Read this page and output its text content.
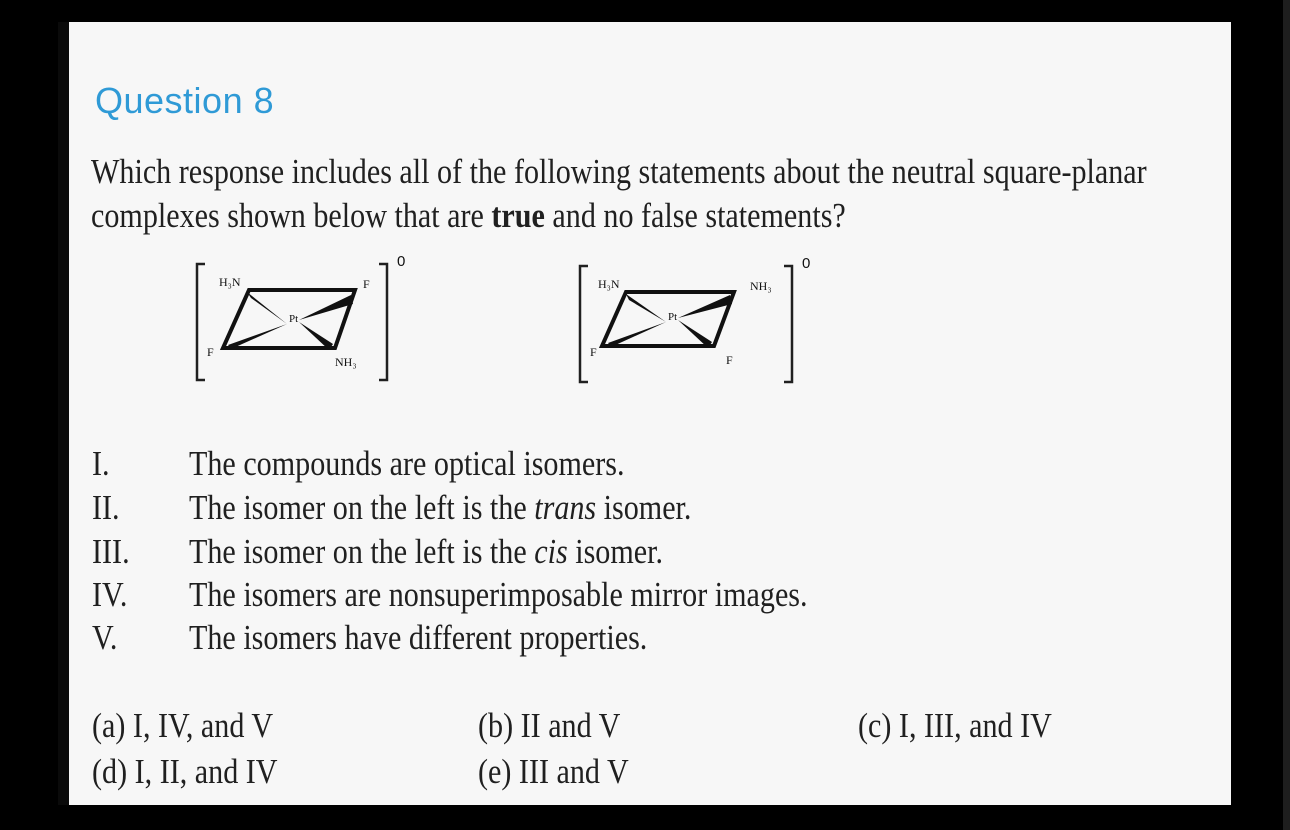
Question 8
Which response includes all of the following statements about the neutral square-planar
complexes shown below that are true and no false statements?
Pt
H₃N	F
F
NH₃
0
Pt
H₃N	NH₃
F
F
0
I. The compounds are optical isomers.
II. The isomer on the left is the trans isomer.
III. The isomer on the left is the cis isomer.
IV. The isomers are nonsuperimposable mirror images.
V. The isomers have different properties.
(a) I, IV, and V	(b) II and V	(c) I, III, and IV
(d) I, II, and IV	(e) III and V
